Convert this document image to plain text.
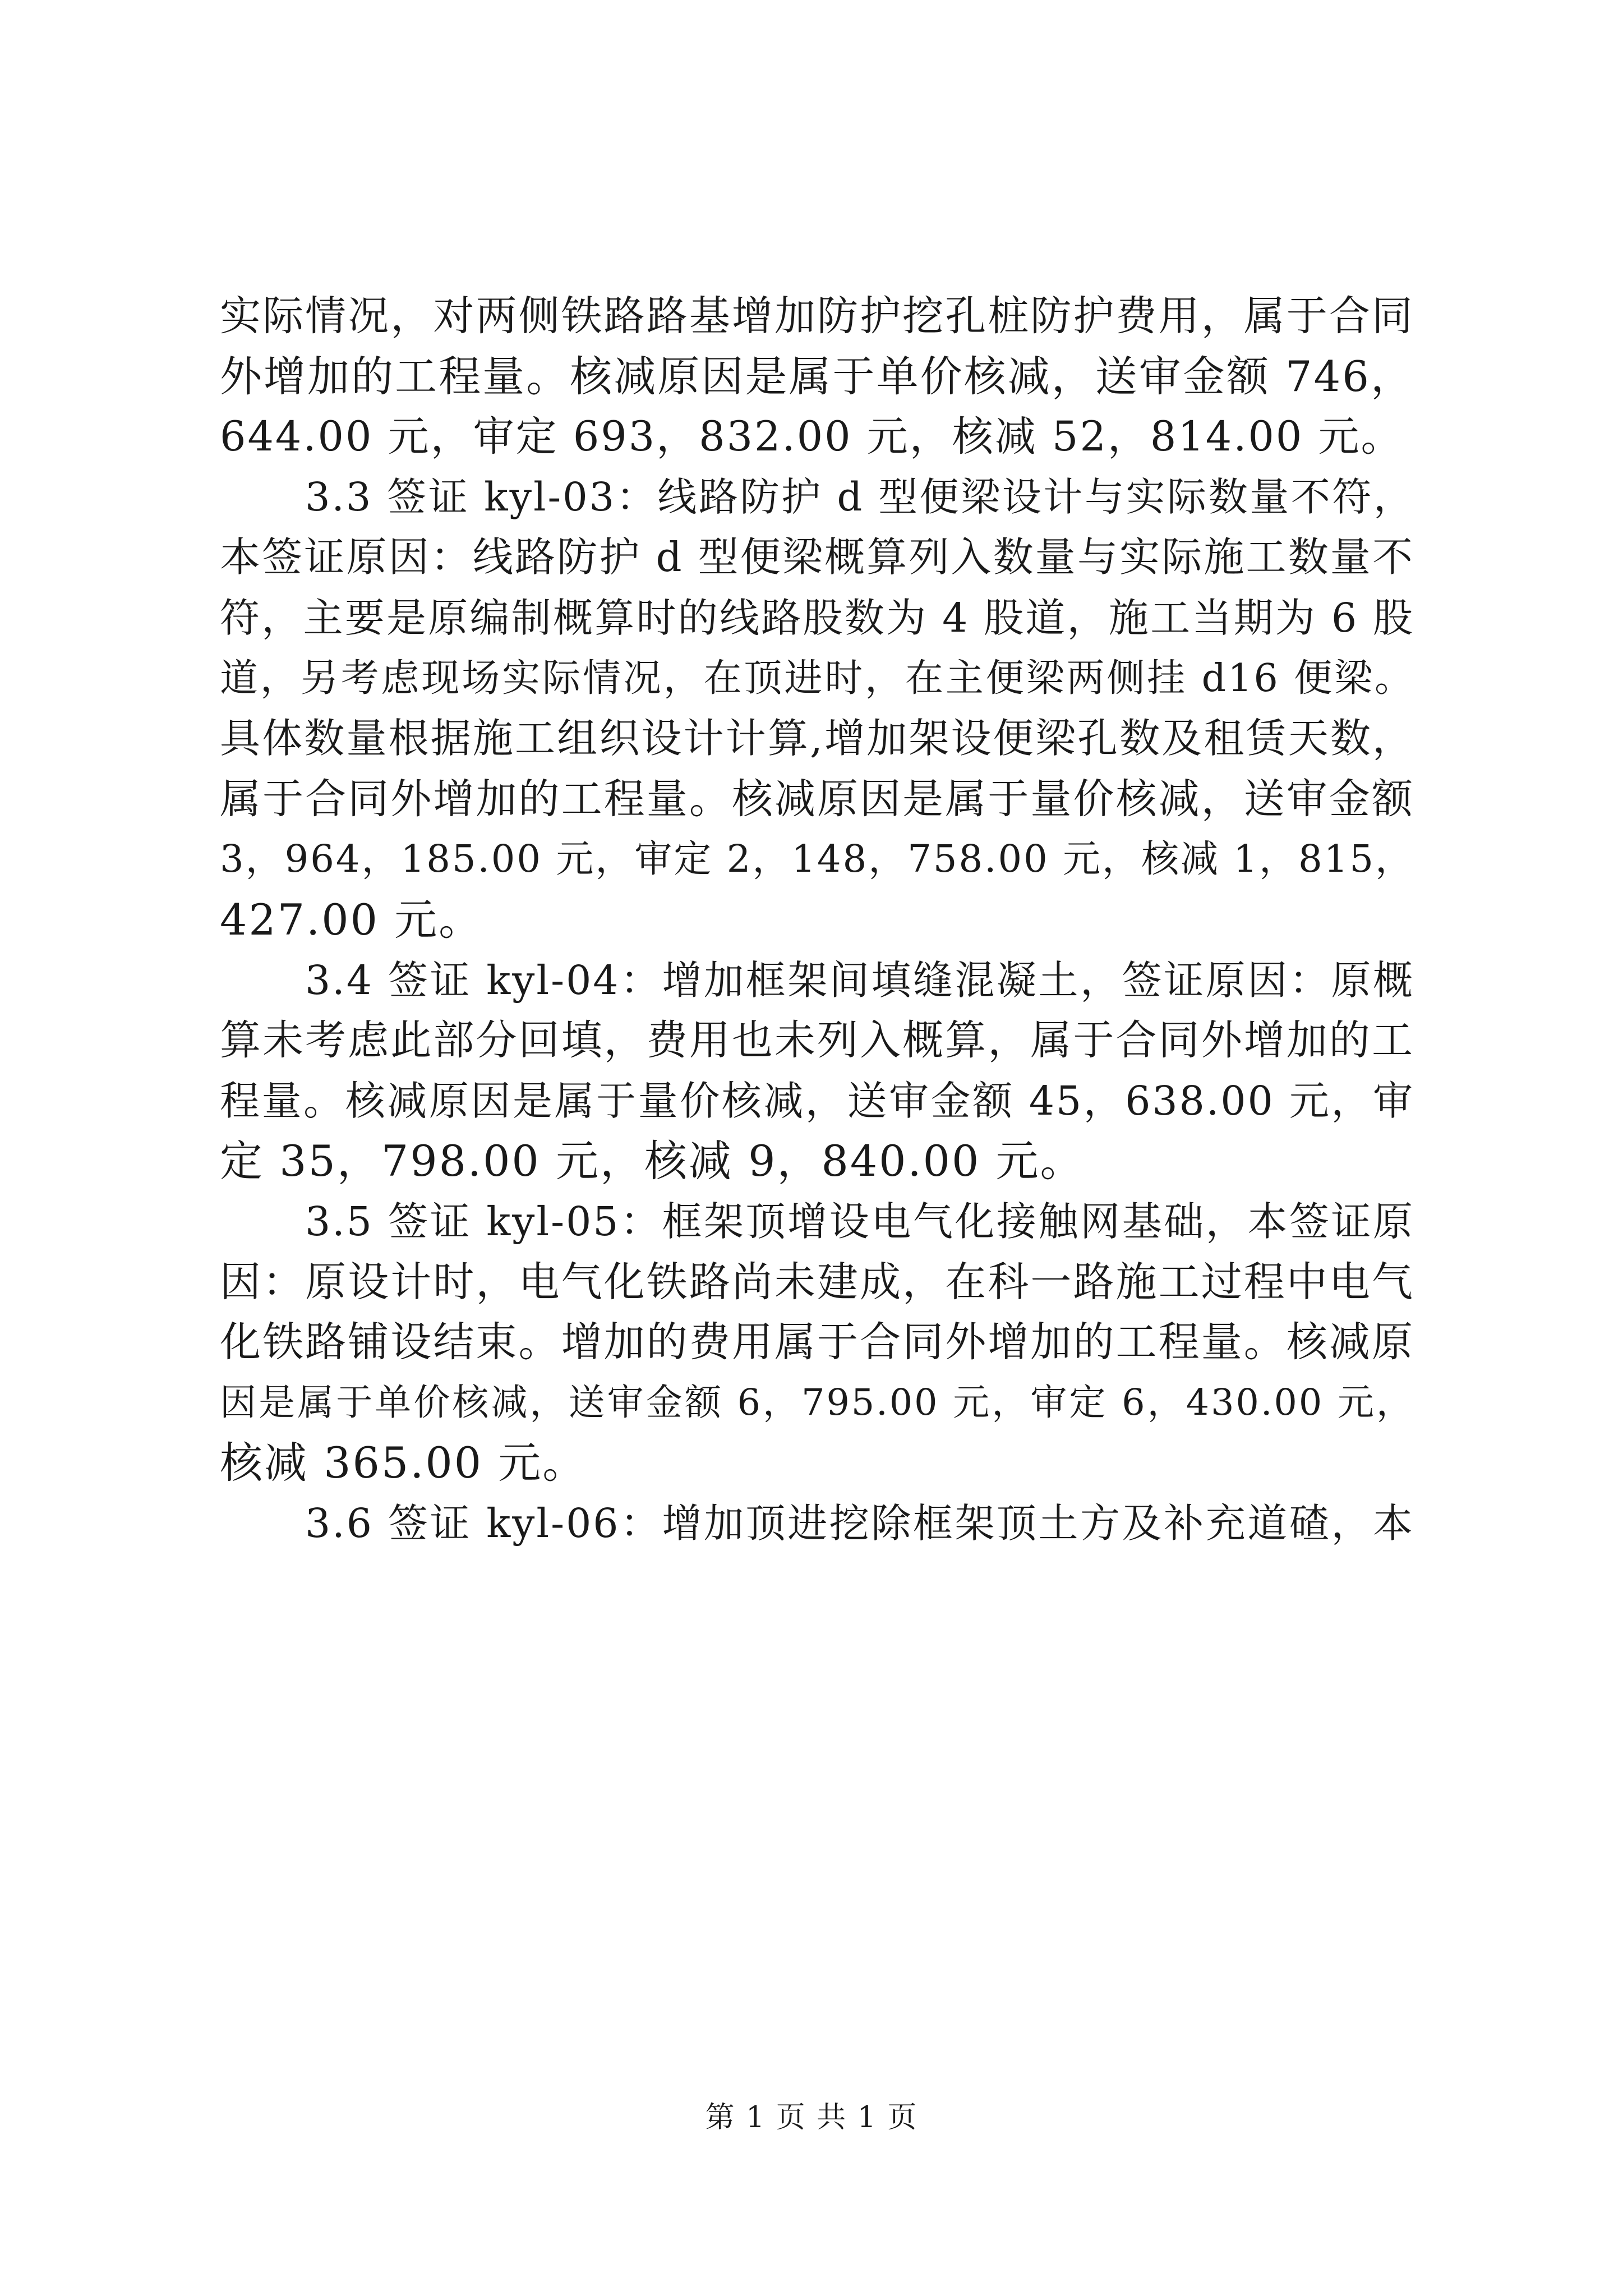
实际情况，对两侧铁路路基增加防护挖孔桩防护费用，属于合同
外增加的工程量。核减原因是属于单价核减，送审金额 746，
644.00 元，审定 693，832.00 元，核减 52，814.00 元。
3.3 签证 kyl-03：线路防护 d 型便梁设计与实际数量不符，
本签证原因：线路防护 d 型便梁概算列入数量与实际施工数量不
符，主要是原编制概算时的线路股数为 4 股道，施工当期为 6 股
道，另考虑现场实际情况，在顶进时，在主便梁两侧挂 d16 便梁。
具体数量根据施工组织设计计算,增加架设便梁孔数及租赁天数，
属于合同外增加的工程量。核减原因是属于量价核减，送审金额
3，964，185.00 元，审定 2，148，758.00 元，核减 1，815，
427.00 元。
3.4 签证 kyl-04：增加框架间填缝混凝土，签证原因：原概
算未考虑此部分回填，费用也未列入概算，属于合同外增加的工
程量。核减原因是属于量价核减，送审金额 45，638.00 元，审
定 35，798.00 元，核减 9，840.00 元。
3.5 签证 kyl-05：框架顶增设电气化接触网基础，本签证原
因：原设计时，电气化铁路尚未建成，在科一路施工过程中电气
化铁路铺设结束。增加的费用属于合同外增加的工程量。核减原
因是属于单价核减，送审金额 6，795.00 元，审定 6，430.00 元，
核减 365.00 元。
3.6 签证 kyl-06：增加顶进挖除框架顶土方及补充道碴，本
第 1 页 共 1 页
